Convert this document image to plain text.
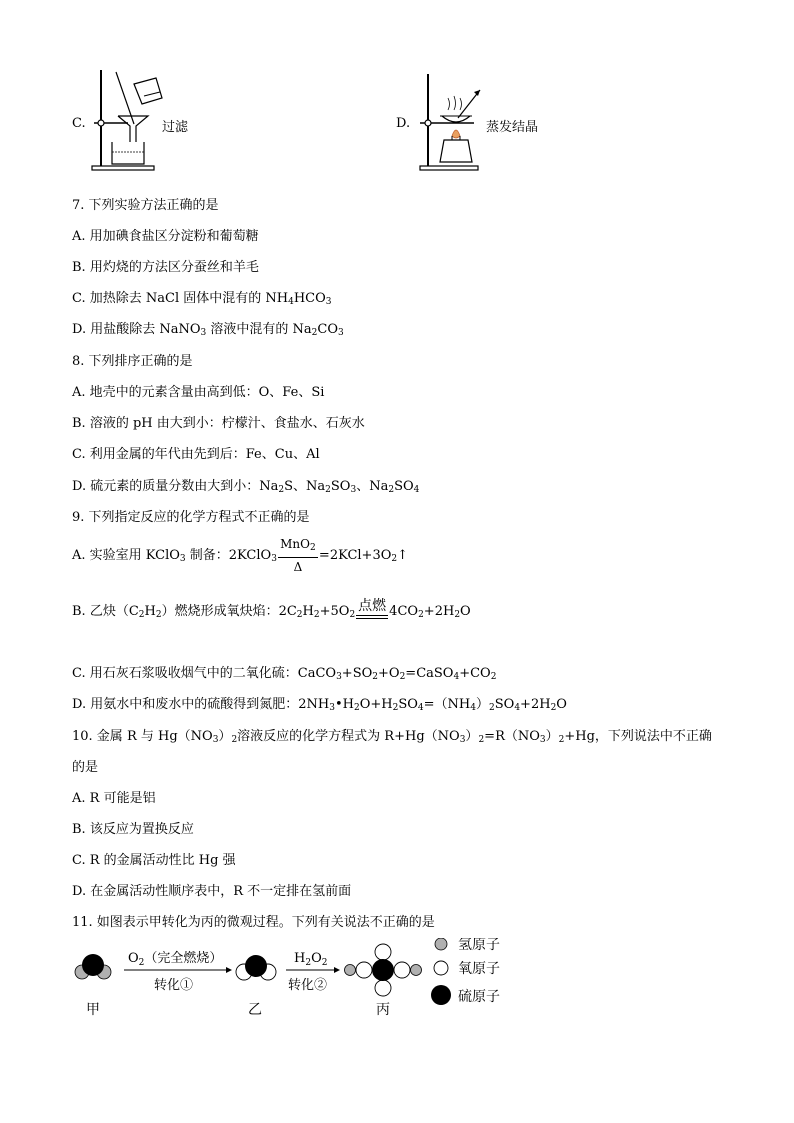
C.	过滤	D.	蒸发结晶
7. 下列实验方法正确的是
A. 用加碘食盐区分淀粉和葡萄糖
B. 用灼烧的方法区分蚕丝和羊毛
C. 加热除去 NaCl 固体中混有的 $NH_4HCO_3$
D. 用盐酸除去 NaNO$_3$ 溶液中混有的 $Na_2CO_3$
8. 下列排序正确的是
A. 地壳中的元素含量由高到低：O、Fe、Si
B. 溶液的 pH 由大到小：柠檬汁、食盐水、石灰水
C. 利用金属的年代由先到后：Fe、Cu、Al
D. 硫元素的质量分数由大到小：$Na_2S$、$Na_2SO_3$、$Na_2SO_4$
9. 下列指定反应的化学方程式不正确的是
A. 实验室用 KClO$_3$ 制备：2KClO$_3$
MnO$_2$
Δ
$=2KCl+3O_2↑$
B. 乙炔$(C_2H_2)$燃烧形成氧炔焰：$2C_2H_2+5O_2$
点燃 $4CO_2+2H_2O$
C. 用石灰石浆吸收烟气中的二氧化硫：$CaCO_3+SO_2+O_2=CaSO_4+CO_2$
D. 用氨水中和废水中的硫酸得到氮肥：$2NH_3•H_2O+H_2SO_4=(NH_4)_2SO_4+2H_2O$
10. 金属 R 与 $Hg(NO_3)_2$溶液反应的化学方程式为 $R+Hg(NO_3)_2=R(NO_3)_2+Hg$，下列说法中不正确
的是
A. R 可能是铝
B. 该反应为置换反应
C. R 的金属活动性比 Hg 强
D. 在金属活动性顺序表中，R 不一定排在氢前面
11. 如图表示甲转化为丙的微观过程。下列有关说法不正确的是
$O_2$（完全燃烧）
转化①
$H_2O_2$
转化②
甲	乙	丙
氢原子
氧原子
硫原子
